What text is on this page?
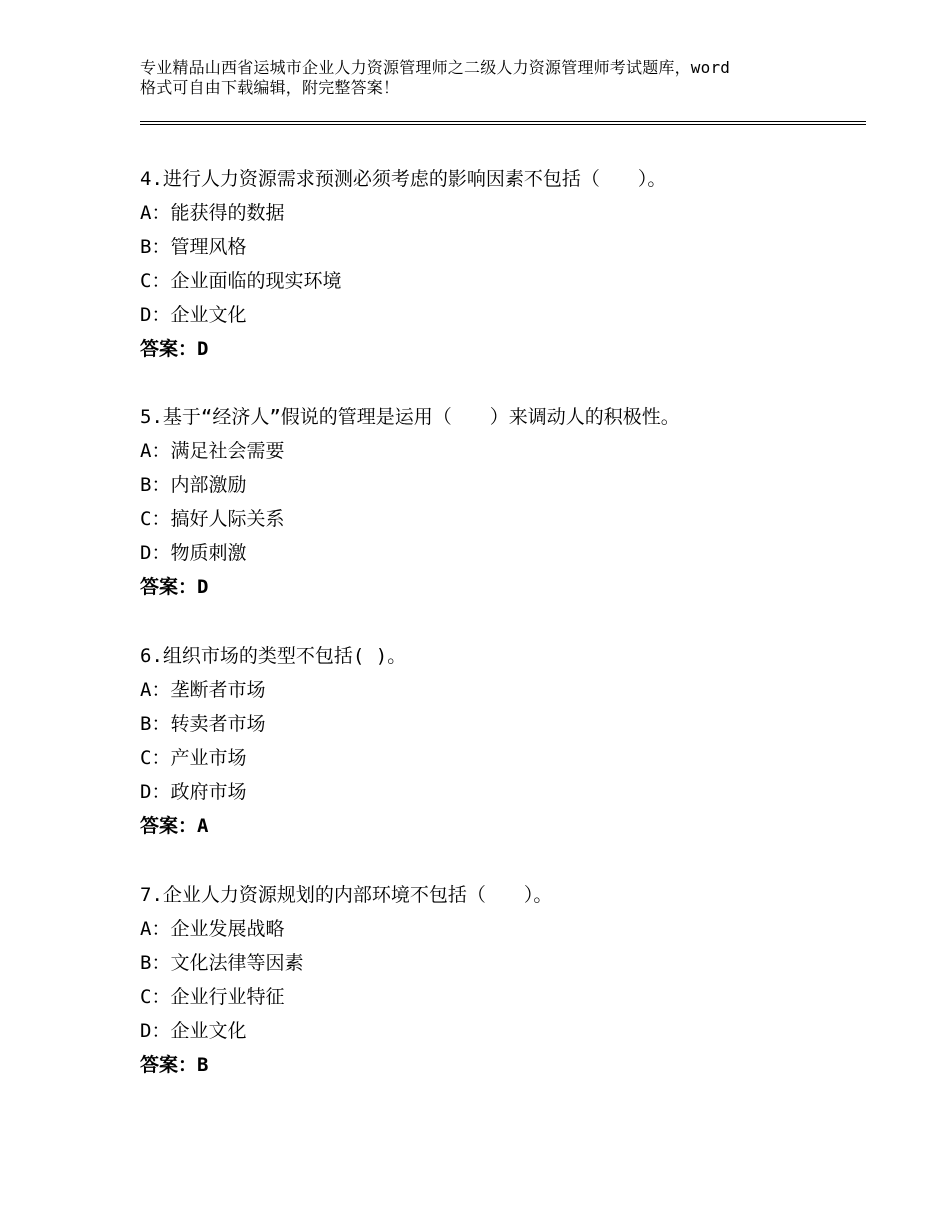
专业精品山西省运城市企业人力资源管理师之二级人力资源管理师考试题库，word
格式可自由下载编辑，附完整答案！
4.进行人力资源需求预测必须考虑的影响因素不包括（　　）。
A：能获得的数据
B：管理风格
C：企业面临的现实环境
D：企业文化
答案：D
5.基于“经济人”假说的管理是运用（　　）来调动人的积极性。
A：满足社会需要
B：内部激励
C：搞好人际关系
D：物质刺激
答案：D
6.组织市场的类型不包括( )。
A：垄断者市场
B：转卖者市场
C：产业市场
D：政府市场
答案：A
7.企业人力资源规划的内部环境不包括（　　）。
A：企业发展战略
B：文化法律等因素
C：企业行业特征
D：企业文化
答案：B
